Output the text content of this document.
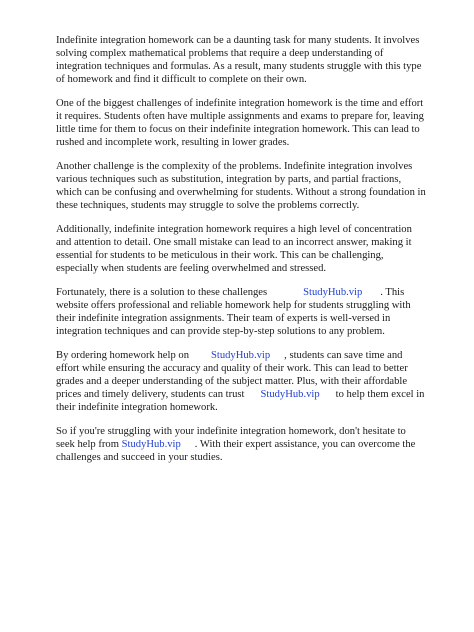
Indefinite integration homework can be a daunting task for many students. It involves solving complex mathematical problems that require a deep understanding of integration techniques and formulas. As a result, many students struggle with this type of homework and find it difficult to complete on their own.

One of the biggest challenges of indefinite integration homework is the time and effort it requires. Students often have multiple assignments and exams to prepare for, leaving little time for them to focus on their indefinite integration homework. This can lead to rushed and incomplete work, resulting in lower grades.

Another challenge is the complexity of the problems. Indefinite integration involves various techniques such as substitution, integration by parts, and partial fractions, which can be confusing and overwhelming for students. Without a strong foundation in these techniques, students may struggle to solve the problems correctly.

Additionally, indefinite integration homework requires a high level of concentration and attention to detail. One small mistake can lead to an incorrect answer, making it essential for students to be meticulous in their work. This can be challenging, especially when students are feeling overwhelmed and stressed.

Fortunately, there is a solution to these challenges	StudyHub.vip . This website offers professional and reliable homework help for students struggling with their indefinite integration assignments. Their team of experts is well-versed in integration techniques and can provide step-by-step solutions to any problem.

By ordering homework help on StudyHub.vip , students can save time and effort while ensuring the accuracy and quality of their work. This can lead to better grades and a deeper understanding of the subject matter. Plus, with their affordable prices and timely delivery, students can trust StudyHub.vip to help them excel in their indefinite integration homework.

So if you're struggling with your indefinite integration homework, don't hesitate to seek help from StudyHub.vip . With their expert assistance, you can overcome the challenges and succeed in your studies.
